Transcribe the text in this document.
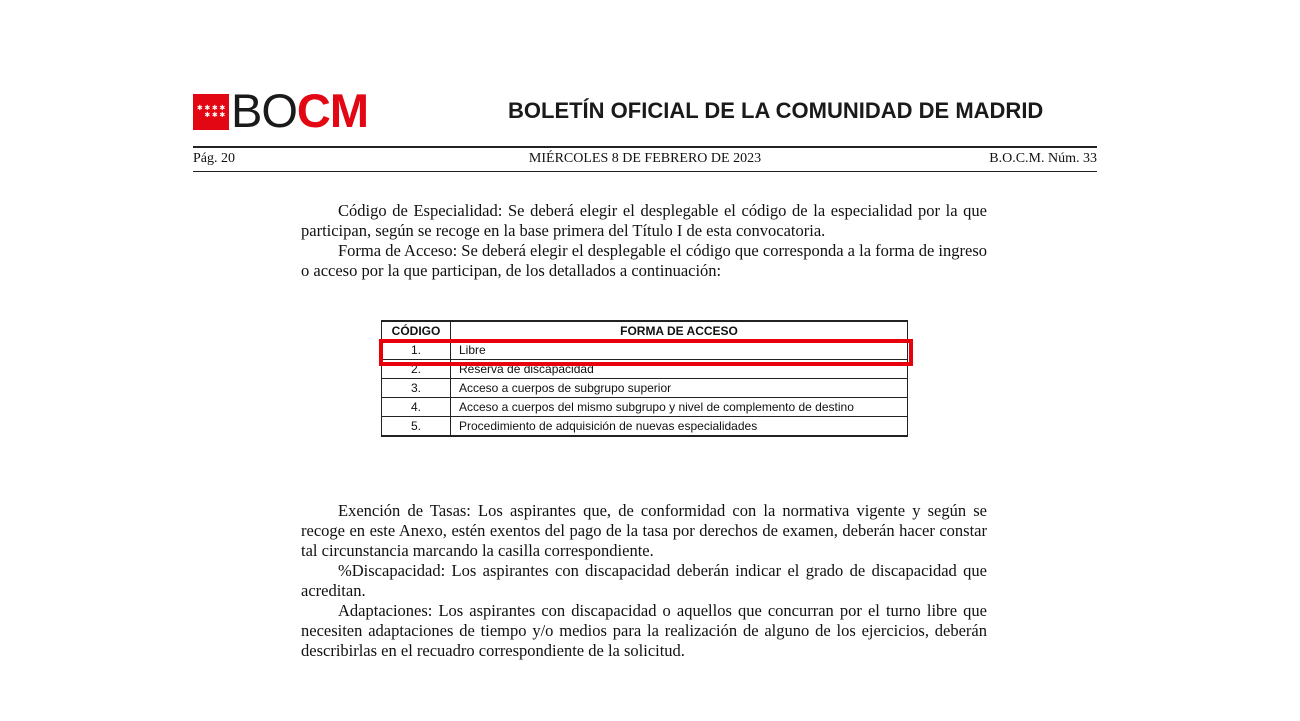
✱ ✱ ✱ ✱
✱ ✱ ✱ BO CM	BOLETÍN OFICIAL DE LA COMUNIDAD DE MADRID
Pág. 20	MIÉRCOLES 8 DE FEBRERO DE 2023	B.O.C.M. Núm. 33

Código de Especialidad: Se deberá elegir el desplegable el código de la especialidad por la que participan, según se recoge en la base primera del Título I de esta convocatoria.

Forma de Acceso: Se deberá elegir el desplegable el código que corresponda a la forma de ingreso o acceso por la que participan, de los detallados a continuación:

CÓDIGO	FORMA DE ACCESO
1.	Libre
2.	Reserva de discapacidad
3.	Acceso a cuerpos de subgrupo superior
4.	Acceso a cuerpos del mismo subgrupo y nivel de complemento de destino
5.	Procedimiento de adquisición de nuevas especialidades

Exención de Tasas: Los aspirantes que, de conformidad con la normativa vigente y según se recoge en este Anexo, estén exentos del pago de la tasa por derechos de examen, deberán hacer constar tal circunstancia marcando la casilla correspondiente.

%Discapacidad: Los aspirantes con discapacidad deberán indicar el grado de discapacidad que acreditan.

Adaptaciones: Los aspirantes con discapacidad o aquellos que concurran por el turno libre que necesiten adaptaciones de tiempo y/o medios para la realización de alguno de los ejercicios, deberán describirlas en el recuadro correspondiente de la solicitud.
